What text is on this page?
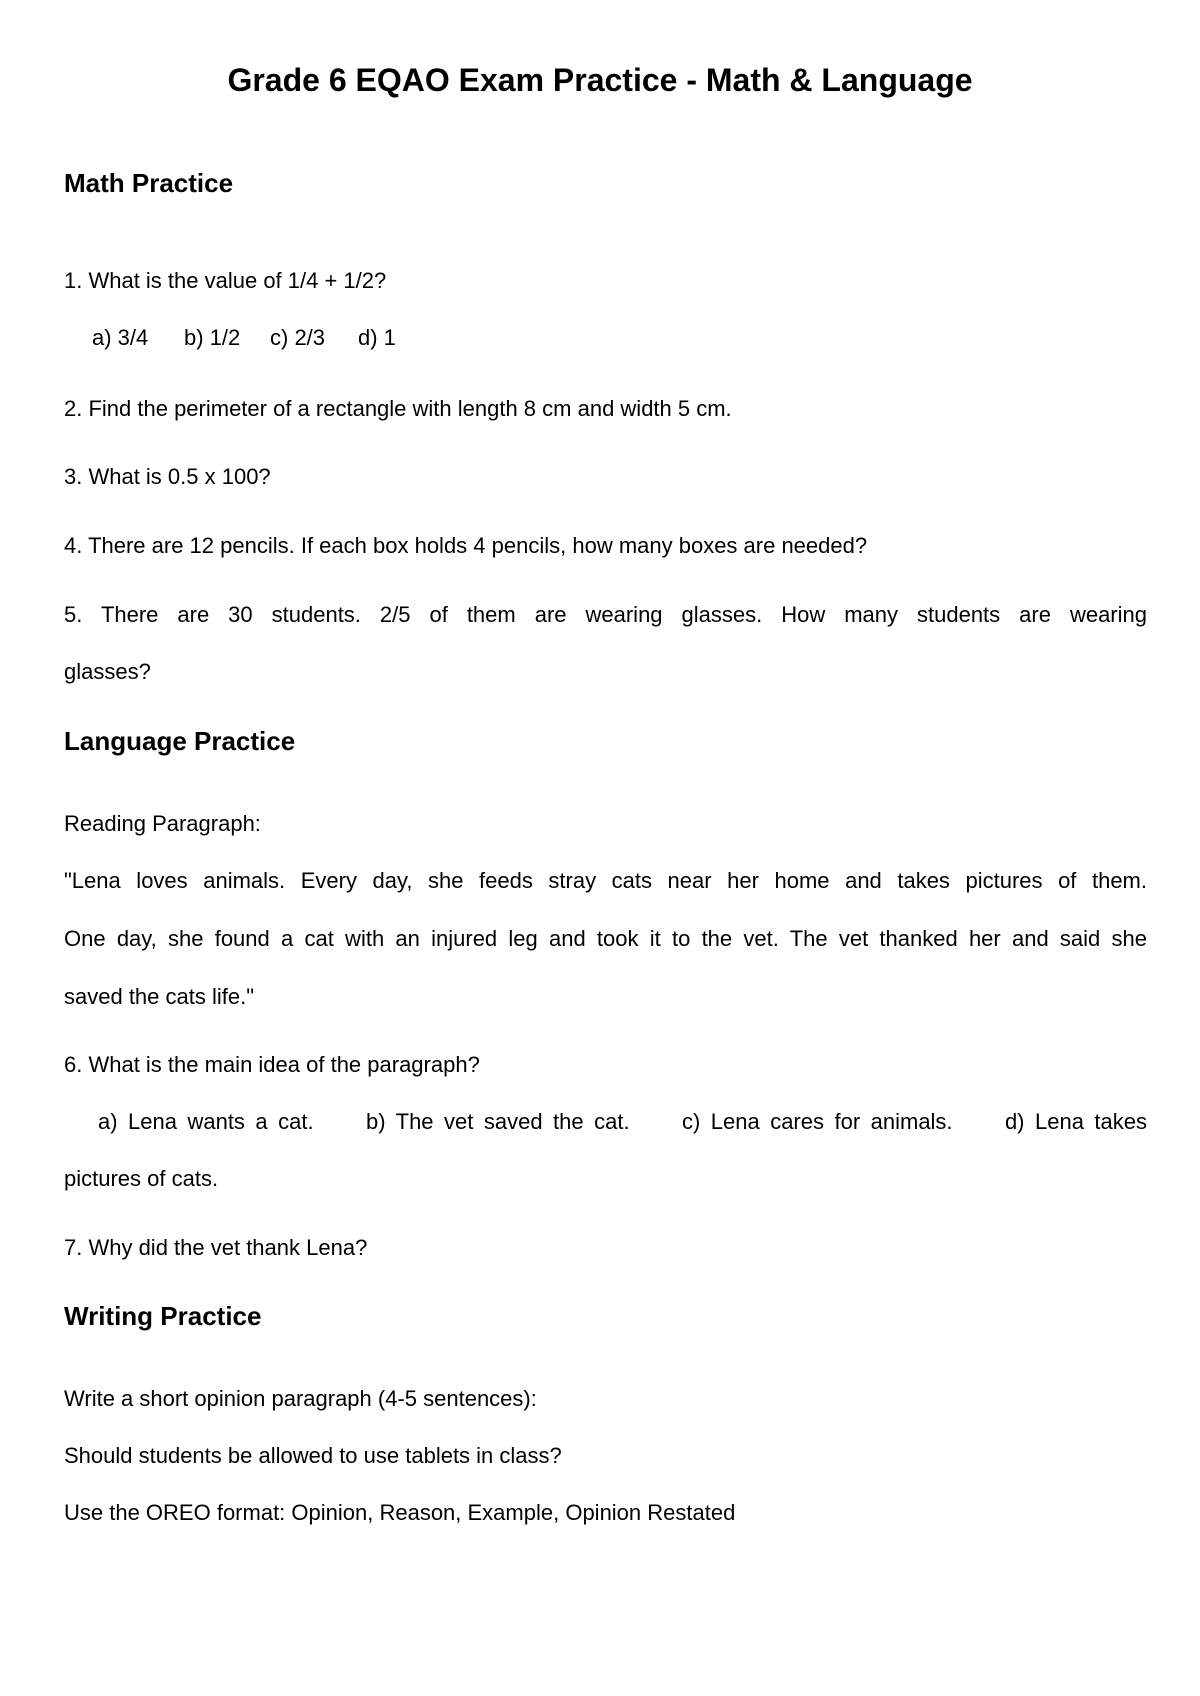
Grade 6 EQAO Exam Practice - Math & Language
Math Practice

1. What is the value of 1/4 + 1/2?

a) 3/4 b) 1/2 c) 2/3 d) 1

2. Find the perimeter of a rectangle with length 8 cm and width 5 cm.

3. What is 0.5 x 100?

4. There are 12 pencils. If each box holds 4 pencils, how many boxes are needed?

5. There are 30 students. 2/5 of them are wearing glasses. How many students are wearing

glasses?

Language Practice

Reading Paragraph:

"Lena loves animals. Every day, she feeds stray cats near her home and takes pictures of them.

One day, she found a cat with an injured leg and took it to the vet. The vet thanked her and said she

saved the cats life."

6. What is the main idea of the paragraph?

a) Lena wants a cat.     b) The vet saved the cat.     c) Lena cares for animals.     d) Lena takes

pictures of cats.

7. Why did the vet thank Lena?

Writing Practice

Write a short opinion paragraph (4-5 sentences):

Should students be allowed to use tablets in class?

Use the OREO format: Opinion, Reason, Example, Opinion Restated
